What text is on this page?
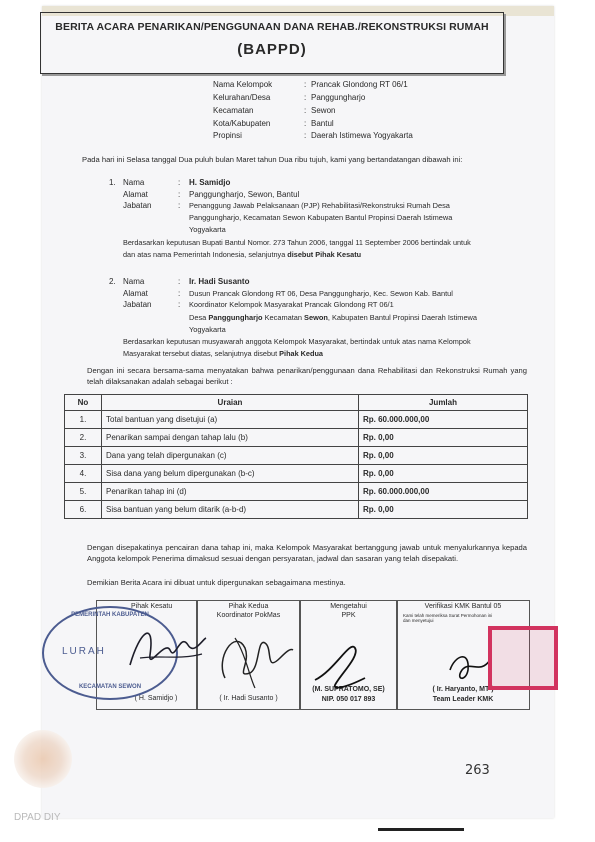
BERITA ACARA PENARIKAN/PENGGUNAAN DANA REHAB./REKONSTRUKSI RUMAH
(BAPPD)
Nama Kelompok	: Prancak Glondong RT 06/1
Kelurahan/Desa	: Panggungharjo
Kecamatan	: Sewon
Kota/Kabupaten	: Bantul
Propinsi	: Daerah Istimewa Yogyakarta
Pada hari ini Selasa tanggal Dua puluh bulan Maret tahun Dua ribu tujuh, kami yang bertandatangan dibawah ini:
1. Nama	: H. Samidjo
Alamat	: Panggungharjo, Sewon, Bantul
Jabatan	: Penanggung Jawab Pelaksanaan (PJP) Rehabilitasi/Rekonstruksi Rumah Desa
Panggungharjo, Kecamatan Sewon Kabupaten Bantul Propinsi Daerah Istimewa
Yogyakarta
Berdasarkan keputusan Bupati Bantul Nomor. 273 Tahun 2006, tanggal 11 September 2006 bertindak untuk
dan atas nama Pemerintah Indonesia, selanjutnya disebut Pihak Kesatu
2. Nama	: Ir. Hadi Susanto
Alamat	: Dusun Prancak Glondong RT 06, Desa Panggungharjo, Kec. Sewon Kab. Bantul
Jabatan	: Koordinator Kelompok Masyarakat Prancak Glondong RT 06/1
Desa Panggungharjo Kecamatan Sewon, Kabupaten Bantul Propinsi Daerah Istimewa
Yogyakarta
Berdasarkan keputusan musyawarah anggota Kelompok Masyarakat, bertindak untuk atas nama Kelompok
Masyarakat tersebut diatas, selanjutnya disebut Pihak Kedua
Dengan ini secara bersama-sama menyatakan bahwa penarikan/penggunaan dana Rehabilitasi dan Rekonstruksi Rumah yang telah dilaksanakan adalah sebagai berikut :
No	Uraian	Jumlah
1.	Total bantuan yang disetujui (a)	Rp. 60.000.000,00
2.	Penarikan sampai dengan tahap lalu (b)	Rp. 0,00
3.	Dana yang telah dipergunakan (c)	Rp. 0,00
4.	Sisa dana yang belum dipergunakan (b-c)	Rp. 0,00
5.	Penarikan tahap ini (d)	Rp. 60.000.000,00
6.	Sisa bantuan yang belum ditarik (a-b-d)	Rp. 0,00
Dengan disepakatinya pencairan dana tahap ini, maka Kelompok Masyarakat bertanggung jawab untuk menyalurkannya kepada Anggota kelompok Penerima dimaksud sesuai dengan persyaratan, jadwal dan sasaran yang telah disepakati.
Demikian Berita Acara ini dibuat untuk dipergunakan sebagaimana mestinya.
Pihak Kesatu
( H. Samidjo )
Pihak Kedua
Koordinator PokMas
( Ir. Hadi Susanto )
Mengetahui
PPK
(M. SUPRATOMO, SE)
NIP. 050 017 893
Verifikasi KMK Bantul 05
Kami telah memeriksa Surat Permohonan ini dan menyetujui
( Ir. Haryanto, MT )
Team Leader KMK
PEMERINTAH KABUPATEN
LURAH
KECAMATAN SEWON
263
DPAD DIY
